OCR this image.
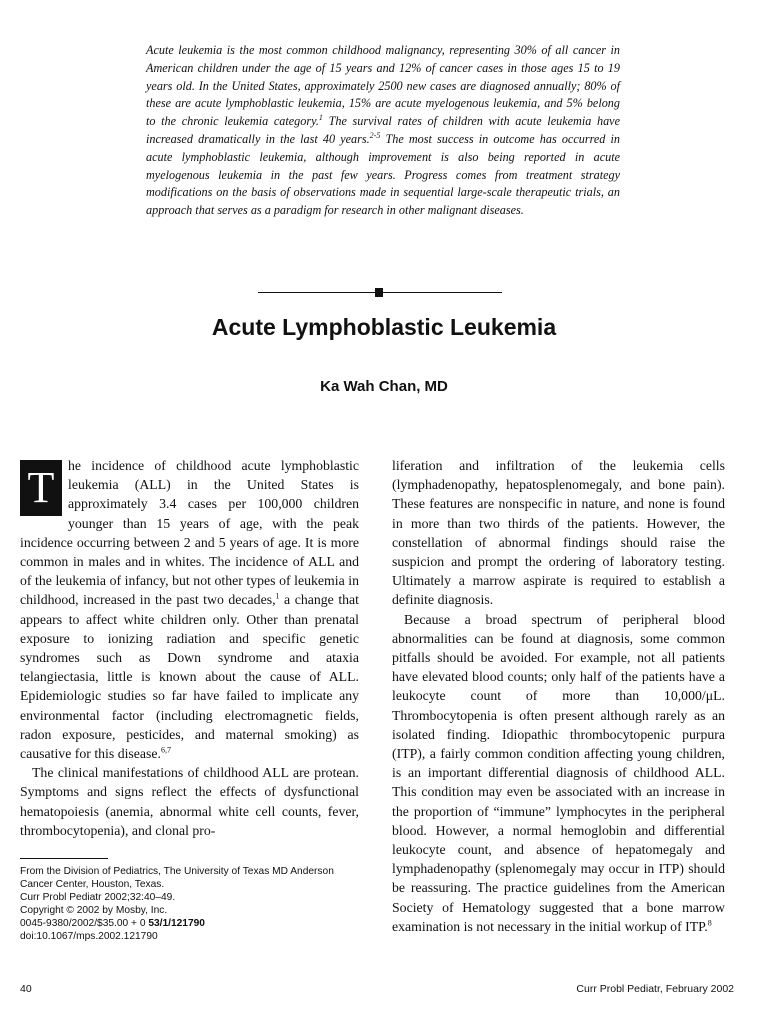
Acute leukemia is the most common childhood malignancy, representing 30% of all cancer in American children under the age of 15 years and 12% of cancer cases in those ages 15 to 19 years old. In the United States, approximately 2500 new cases are diagnosed annually; 80% of these are acute lymphoblastic leukemia, 15% are acute myelogenous leukemia, and 5% belong to the chronic leukemia category.$^1$ The survival rates of children with acute leukemia have increased dramatically in the last 40 years.$^{2-5}$ The most success in outcome has occurred in acute lymphoblastic leukemia, although improvement is also being reported in acute myelogenous leukemia in the past few years. Progress comes from treatment strategy modifications on the basis of observations made in sequential large-scale therapeutic trials, an approach that serves as a paradigm for research in other malignant diseases.
Acute Lymphoblastic Leukemia
Ka Wah Chan, MD

T he incidence of childhood acute lymphoblastic leukemia (ALL) in the United States is approximately 3.4 cases per 100,000 children younger than 15 years of age, with the peak incidence occurring between 2 and 5 years of age. It is more common in males and in whites. The incidence of ALL and of the leukemia of infancy, but not other types of leukemia in childhood, increased in the past two decades,$^1$ a change that appears to affect white children only. Other than prenatal exposure to ionizing radiation and specific genetic syndromes such as Down syndrome and ataxia telangiectasia, little is known about the cause of ALL. Epidemiologic studies so far have failed to implicate any environmental factor (including electromagnetic fields, radon exposure, pesticides, and maternal smoking) as causative for this disease.$^{6,7}$

The clinical manifestations of childhood ALL are protean. Symptoms and signs reflect the effects of dysfunctional hematopoiesis (anemia, abnormal white cell counts, fever, thrombocytopenia), and clonal pro-

liferation and infiltration of the leukemia cells (lymphadenopathy, hepatosplenomegaly, and bone pain). These features are nonspecific in nature, and none is found in more than two thirds of the patients. However, the constellation of abnormal findings should raise the suspicion and prompt the ordering of laboratory testing. Ultimately a marrow aspirate is required to establish a definite diagnosis.

Because a broad spectrum of peripheral blood abnormalities can be found at diagnosis, some common pitfalls should be avoided. For example, not all patients have elevated blood counts; only half of the patients have a leukocyte count of more than 10,000/μL. Thrombocytopenia is often present although rarely as an isolated finding. Idiopathic thrombocytopenic purpura (ITP), a fairly common condition affecting young children, is an important differential diagnosis of childhood ALL. This condition may even be associated with an increase in the proportion of “immune” lymphocytes in the peripheral blood. However, a normal hemoglobin and differential leukocyte count, and absence of hepatomegaly and lymphadenopathy (splenomegaly may occur in ITP) should be reassuring. The practice guidelines from the American Society of Hematology suggested that a bone marrow examination is not necessary in the initial workup of ITP.$^8$

From the Division of Pediatrics, The University of Texas MD Anderson
Cancer Center, Houston, Texas.
Curr Probl Pediatr 2002;32:40–49.
Copyright © 2002 by Mosby, Inc.
0045-9380/2002/$35.00 + 0 53/1/121790
doi:10.1067/mps.2002.121790
40	Curr Probl Pediatr, February 2002
